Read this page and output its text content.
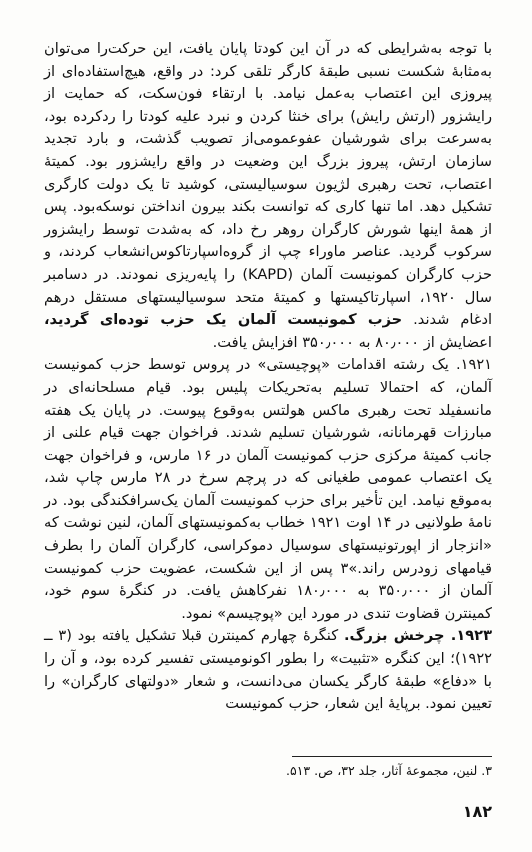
با توجه به‌شرایطی که در آن این کودتا پایان یافت، این حرکت‌را می‌توان به‌مثابهٔ شکست نسبی طبقهٔ کارگر تلقی کرد: در واقع، هیچ‌استفاده‌ای از پیروزی این اعتصاب به‌عمل نیامد. با ارتقاء فون‌سکت، که حمایت از رایشزور (ارتش رایش) برای خنثا کردن و نبرد علیه کودتا را ردکرده بود، به‌سرعت برای شورشیان عفوعمومی‌از تصویب گذشت، و بارد تجدید سازمان ارتش، پیروز بزرگ این وضعیت در واقع رایشزور بود. کمیتهٔ اعتصاب، تحت رهبری لژیون سوسیالیستی، کوشید تا یک دولت کارگری تشکیل دهد. اما تنها کاری که توانست بکند بیرون انداختن نوسکه‌بود. پس از همهٔ اینها شورش کارگران روهر رخ داد، که به‌شدت توسط رایشزور سرکوب گردید. عناصر ماوراء چپ از گروه‌اسپارتاکوس‌انشعاب کردند، و حزب کارگران کمونیست آلمان (KAPD) را پایه‌ریزی نمودند. در دسامبر سال ۱۹۲۰، اسپارتاکیستها و کمیتهٔ متحد سوسیالیستهای مستقل درهم ادغام شدند. حزب کمونیست آلمان یک حزب توده‌ای گردید، اعضایش از ۸۰٫۰۰۰ به ۳۵۰٫۰۰۰ افزایش یافت.

۱۹۲۱. یک رشته اقدامات «پوچیستی» در پروس توسط حزب کمونیست آلمان، که احتمالا تسلیم به‌تحریکات پلیس بود. قیام مسلحانه‌ای در مانسفیلد تحت رهبری ماکس هولتس به‌وقوع پیوست. در پایان یک هفته مبارزات قهرمانانه، شورشیان تسلیم شدند. فراخوان جهت قیام علنی از جانب کمیتهٔ مرکزی حزب کمونیست آلمان در ۱۶ مارس، و فراخوان جهت یک اعتصاب عمومی طغیانی که در پرچم سرخ در ۲۸ مارس چاپ شد، به‌موقع نیامد. این تأخیر برای حزب کمونیست آلمان یک‌سرافکندگی بود. در نامهٔ طولانیی در ۱۴ اوت ۱۹۲۱ خطاب به‌کمونیستهای آلمان، لنین نوشت که «انزجار از اپورتونیستهای سوسیال دموکراسی، کارگران آلمان را بطرف قیامهای زودرس راند.»۳ پس از این شکست، عضویت حزب کمونیست آلمان از ۳۵۰٫۰۰۰ به ۱۸۰٫۰۰۰ نفرکاهش یافت. در کنگرهٔ سوم خود، کمینترن قضاوت تندی در مورد این «پوچیسم» نمود.

۱۹۲۳. چرخش بزرگ. کنگرهٔ چهارم کمینترن قبلا تشکیل یافته بود (۳ ــ ۱۹۲۲)؛ این کنگره «تثبیت» را بطور اکونومیستی تفسیر کرده بود، و آن را با «دفاع» طبقهٔ کارگر یکسان می‌دانست، و شعار «دولتهای کارگران» را تعیین نمود. برپایهٔ این شعار، حزب کمونیست

۳. لنین، مجموعهٔ آثار، جلد ۳۲، ص. ۵۱۳.
۱۸۲
